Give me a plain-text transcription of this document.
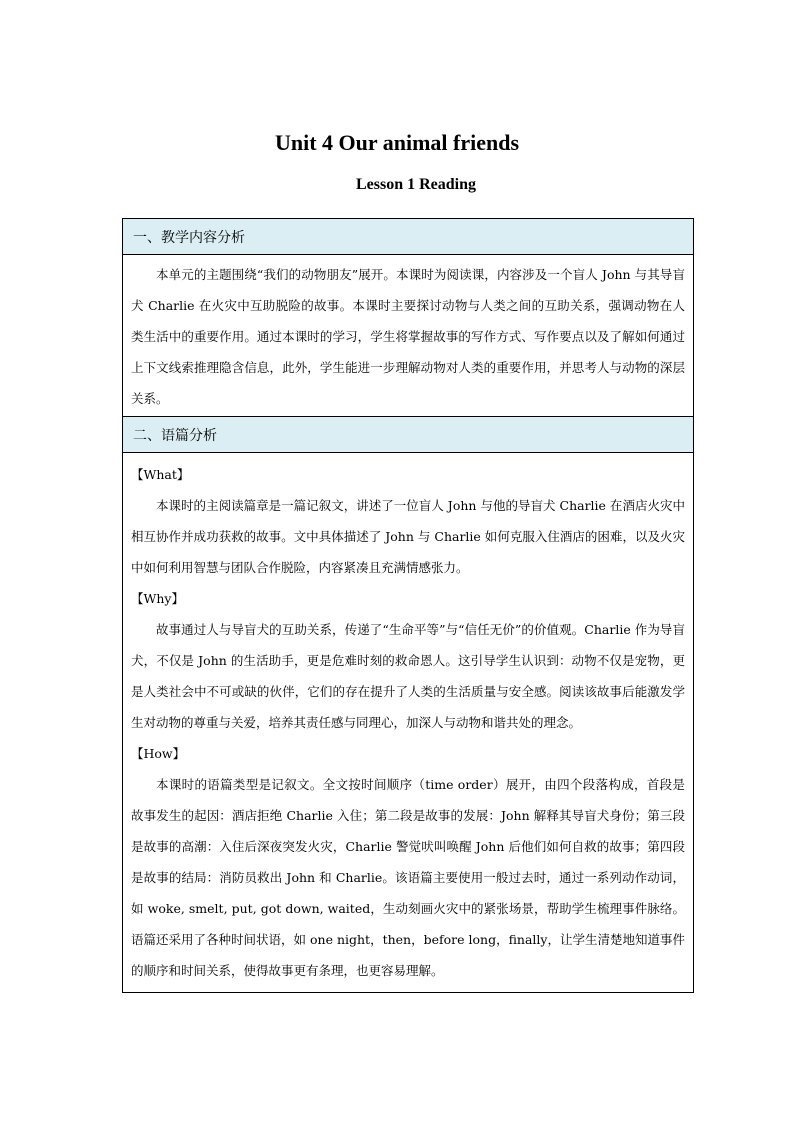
Unit 4 Our animal friends
Lesson 1 Reading
一、教学内容分析

本单元的主题围绕“我们的动物朋友”展开。本课时为阅读课，内容涉及一个盲人 John 与其导盲犬 Charlie 在火灾中互助脱险的故事。本课时主要探讨动物与人类之间的互助关系，强调动物在人类生活中的重要作用。通过本课时的学习，学生将掌握故事的写作方式、写作要点以及了解如何通过上下文线索推理隐含信息，此外，学生能进一步理解动物对人类的重要作用，并思考人与动物的深层关系。

二、语篇分析

【What】

本课时的主阅读篇章是一篇记叙文，讲述了一位盲人 John 与他的导盲犬 Charlie 在酒店火灾中相互协作并成功获救的故事。文中具体描述了 John 与 Charlie 如何克服入住酒店的困难，以及火灾中如何利用智慧与团队合作脱险，内容紧凑且充满情感张力。

【Why】

故事通过人与导盲犬的互助关系，传递了“生命平等”与“信任无价”的价值观。Charlie 作为导盲犬，不仅是 John 的生活助手，更是危难时刻的救命恩人。这引导学生认识到：动物不仅是宠物，更是人类社会中不可或缺的伙伴，它们的存在提升了人类的生活质量与安全感。阅读该故事后能激发学生对动物的尊重与关爱，培养其责任感与同理心，加深人与动物和谐共处的理念。

【How】

本课时的语篇类型是记叙文。全文按时间顺序（time order）展开，由四个段落构成，首段是故事发生的起因：酒店拒绝 Charlie 入住；第二段是故事的发展：John 解释其导盲犬身份；第三段是故事的高潮：入住后深夜突发火灾，Charlie 警觉吠叫唤醒 John 后他们如何自救的故事；第四段是故事的结局：消防员救出 John 和 Charlie。该语篇主要使用一般过去时，通过一系列动作动词，如 woke, smelt, put, got down, waited，生动刻画火灾中的紧张场景，帮助学生梳理事件脉络。语篇还采用了各种时间状语，如 one night，then，before long，finally，让学生清楚地知道事件的顺序和时间关系，使得故事更有条理，也更容易理解。
